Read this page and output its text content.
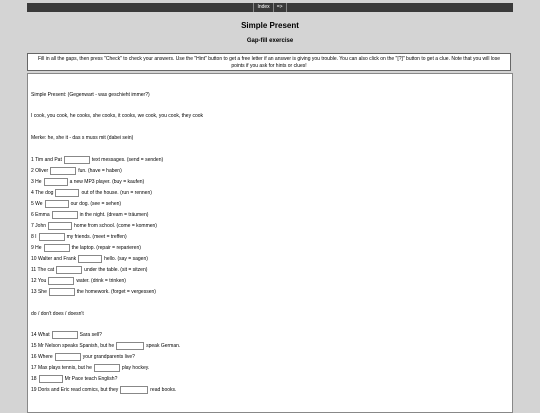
Index	=>
Simple Present
Gap-fill exercise
Fill in all the gaps, then press "Check" to check your answers. Use the "Hint" button to get a free letter if an answer is giving you trouble. You can also click on the "[?]" button to get a clue. Note that you will lose points if you ask for hints or clues!
Simple Present: (Gegenwart - was geschieht immer?)
I cook, you cook, he cooks, she cooks, it cooks, we cook, you cook, they cook
Merke: he, she it - das s muss mit (dabei sein)
1 Tim and Pat	text messages. (send = senden)
2 Oliver	fun. (have = haben)
3 He	a new MP3 player. (buy = kaufen)
4 The dog	out of the house. (run = rennen)
5 We	our dog. (see = sehen)
6 Emma	in the night. (dream = träumen)
7 John	home from school. (come = kommen)
8 I	my friends. (meet = treffen)
9 He	the laptop. (repair = reparieren)
10 Walter and Frank	hello. (say = sagen)
11 The cat	under the table. (sit = sitzen)
12 You	water. (drink = trinken)
13 She	the homework. (forget = vergessen)
do / don't does / doesn't
14 What	Sara sell?
15 Mr Nelson speaks Spanish, but he	speak German.
16 Where	your grandparents live?
17 Max plays tennis, but he	play hockey.
18	Mr Pace teach English?
19 Doris and Eric read comics, but they	read books.
